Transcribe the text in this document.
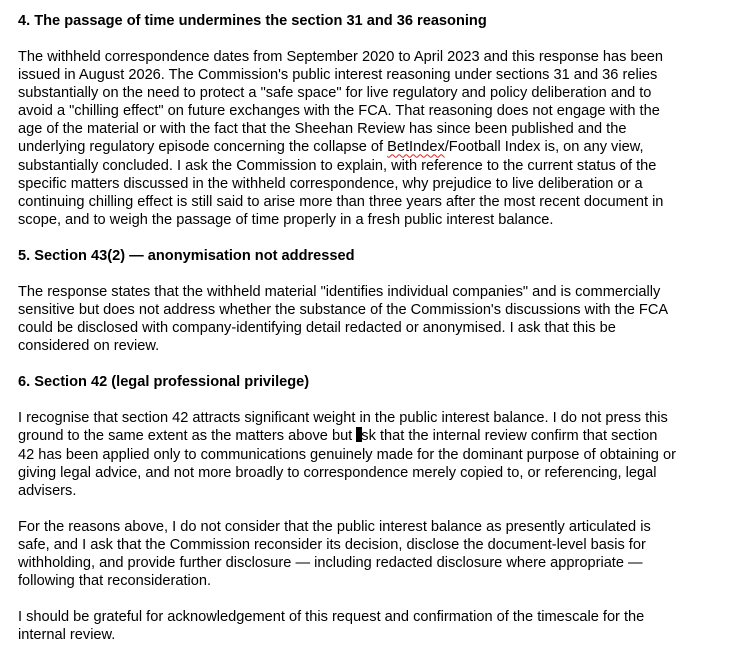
4. The passage of time undermines the section 31 and 36 reasoning
The withheld correspondence dates from September 2020 to April 2023 and this response has been
issued in August 2026. The Commission's public interest reasoning under sections 31 and 36 relies
substantially on the need to protect a "safe space" for live regulatory and policy deliberation and to
avoid a "chilling effect" on future exchanges with the FCA. That reasoning does not engage with the
age of the material or with the fact that the Sheehan Review has since been published and the
underlying regulatory episode concerning the collapse of BetIndex/Football Index is, on any view,
substantially concluded. I ask the Commission to explain, with reference to the current status of the
specific matters discussed in the withheld correspondence, why prejudice to live deliberation or a
continuing chilling effect is still said to arise more than three years after the most recent document in
scope, and to weigh the passage of time properly in a fresh public interest balance.
5. Section 43(2) — anonymisation not addressed
The response states that the withheld material "identifies individual companies" and is commercially
sensitive but does not address whether the substance of the Commission's discussions with the FCA
could be disclosed with company-identifying detail redacted or anonymised. I ask that this be
considered on review.
6. Section 42 (legal professional privilege)
I recognise that section 42 attracts significant weight in the public interest balance. I do not press this
ground to the same extent as the matters above but sk that the internal review confirm that section
42 has been applied only to communications genuinely made for the dominant purpose of obtaining or
giving legal advice, and not more broadly to correspondence merely copied to, or referencing, legal
advisers.
For the reasons above, I do not consider that the public interest balance as presently articulated is
safe, and I ask that the Commission reconsider its decision, disclose the document-level basis for
withholding, and provide further disclosure — including redacted disclosure where appropriate —
following that reconsideration.
I should be grateful for acknowledgement of this request and confirmation of the timescale for the
internal review.
